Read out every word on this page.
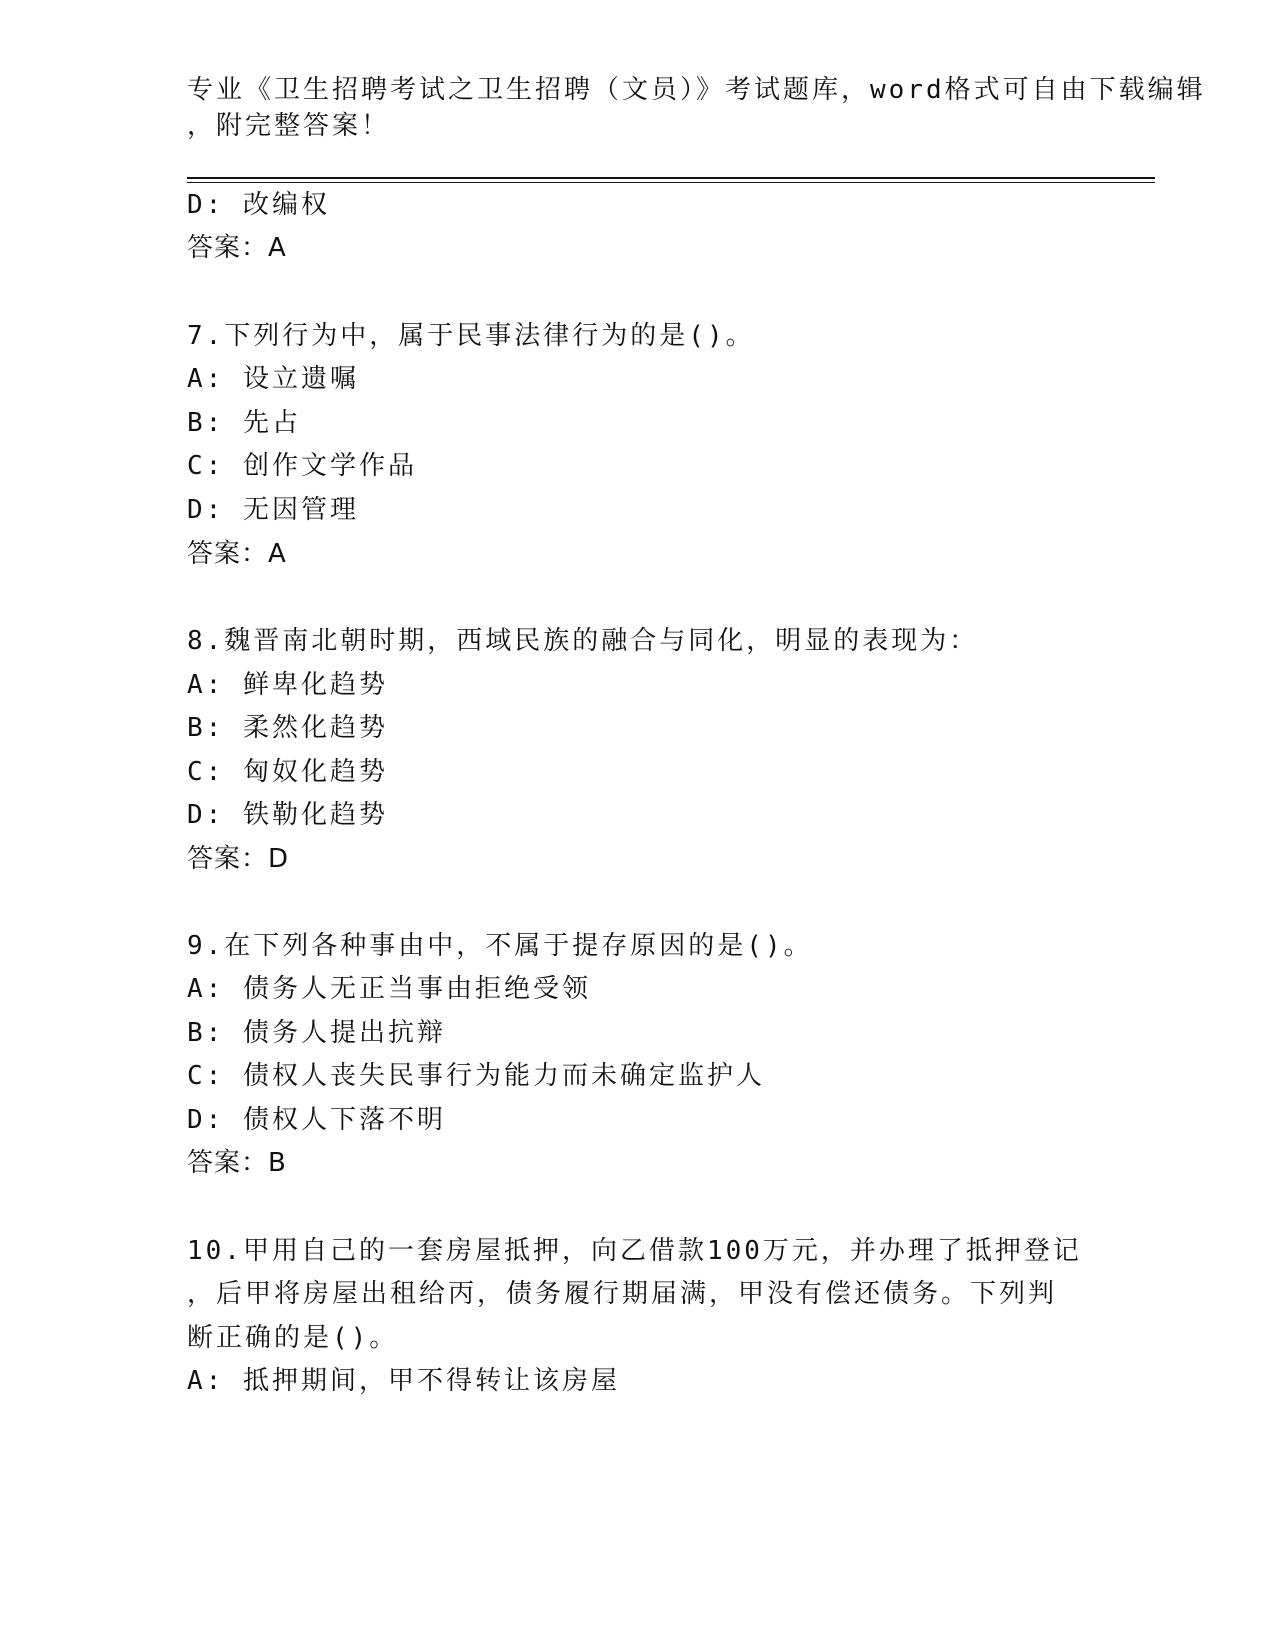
专业《卫生招聘考试之卫生招聘（文员）》考试题库，word格式可自由下载编辑
，附完整答案！
D: 改编权
答案：A
7.下列行为中，属于民事法律行为的是()。
A: 设立遗嘱
B: 先占
C: 创作文学作品
D: 无因管理
答案：A
8.魏晋南北朝时期，西域民族的融合与同化，明显的表现为：
A: 鲜卑化趋势
B: 柔然化趋势
C: 匈奴化趋势
D: 铁勒化趋势
答案：D
9.在下列各种事由中，不属于提存原因的是()。
A: 债务人无正当事由拒绝受领
B: 债务人提出抗辩
C: 债权人丧失民事行为能力而未确定监护人
D: 债权人下落不明
答案：B
10.甲用自己的一套房屋抵押，向乙借款100万元，并办理了抵押登记
，后甲将房屋出租给丙，债务履行期届满，甲没有偿还债务。下列判
断正确的是()。
A: 抵押期间，甲不得转让该房屋
